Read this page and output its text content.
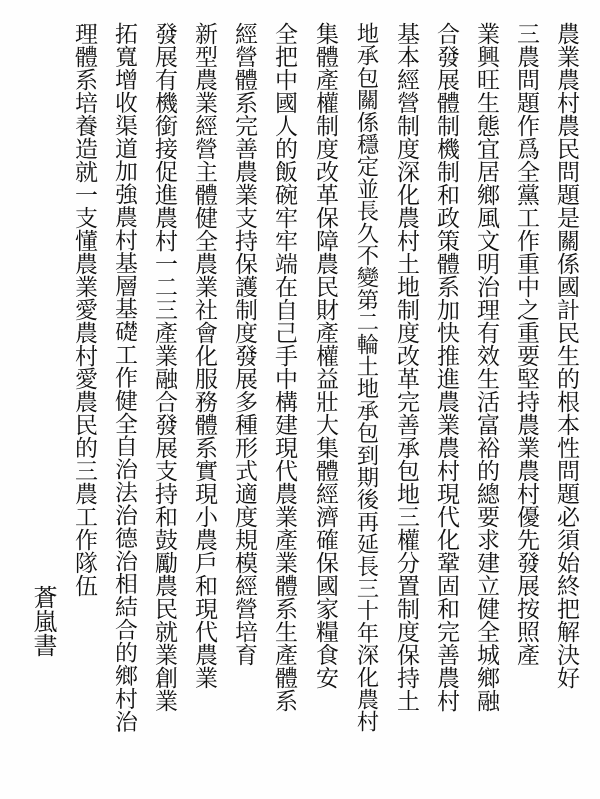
農業農村農民問題是關係國計民生的根本性問題必須始終把解決好
三農問題作爲全黨工作重中之重要堅持農業農村優先發展按照產
業興旺生態宜居鄉風文明治理有效生活富裕的總要求建立健全城鄉融
合發展體制機制和政策體系加快推進農業農村現代化鞏固和完善農村
基本經營制度深化農村土地制度改革完善承包地三權分置制度保持土
地承包關係穩定並長久不變第二輪土地承包到期後再延長三十年深化農村
集體產權制度改革保障農民財產權益壯大集體經濟確保國家糧食安
全把中國人的飯碗牢牢端在自己手中構建現代農業產業體系生產體系
經營體系完善農業支持保護制度發展多種形式適度規模經營培育
新型農業經營主體健全農業社會化服務體系實現小農戶和現代農業
發展有機銜接促進農村一二三產業融合發展支持和鼓勵農民就業創業
拓寬增收渠道加強農村基層基礎工作健全自治法治德治相結合的鄉村治
理體系培養造就一支懂農業愛農村愛農民的三農工作隊伍
蒼嵐書
